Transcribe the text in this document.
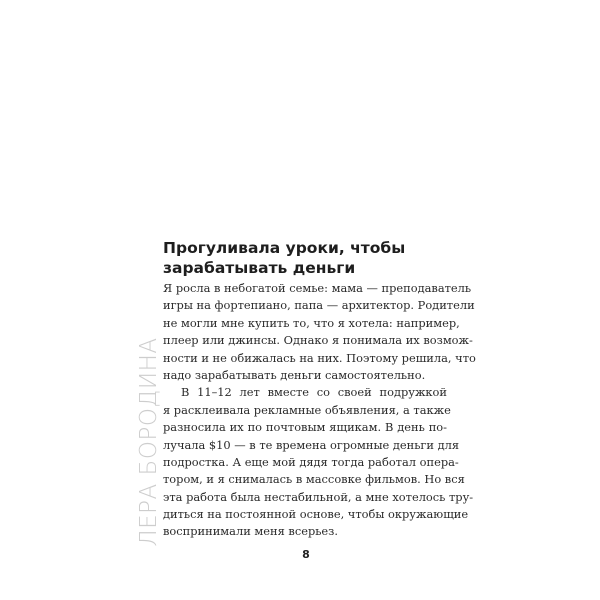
ЛЕРА БОРОДИНА
Прогуливала уроки, чтобы
зарабатывать деньги
Я росла в небогатой семье: мама — преподаватель
игры на фортепиано, папа — архитектор. Родители
не могли мне купить то, что я хотела: например,
плеер или джинсы. Однако я понимала их возмож-
ности и не обижалась на них. Поэтому решила, что
надо зарабатывать деньги самостоятельно.
В 11–12 лет вместе со своей подружкой
я расклеивала рекламные объявления, а также
разносила их по почтовым ящикам. В день по-
лучала $10 — в те времена огромные деньги для
подростка. А еще мой дядя тогда работал опера-
тором, и я снималась в массовке фильмов. Но вся
эта работа была нестабильной, а мне хотелось тру-
диться на постоянной основе, чтобы окружающие
воспринимали меня всерьез.
8
